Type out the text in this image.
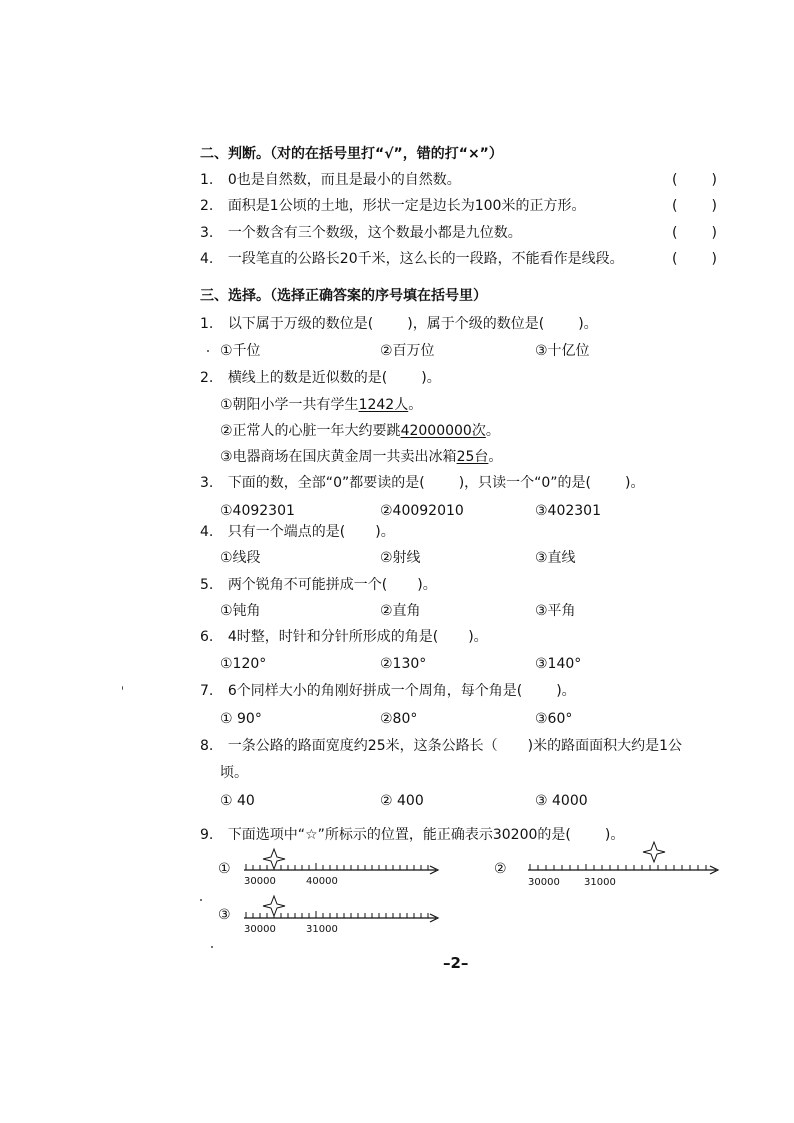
二、判断。（对的在括号里打“√”，错的打“×”）
1. 0也是自然数，而且是最小的自然数。	( )
2. 面积是1公顷的土地，形状一定是边长为100米的正方形。	( )
3. 一个数含有三个数级，这个数最小都是九位数。	( )
4. 一段笔直的公路长20千米，这么长的一段路，不能看作是线段。	( )
三、选择。（选择正确答案的序号填在括号里）
1. 以下属于万级的数位是( )，属于个级的数位是( )。
①千位	②百万位	③十亿位
2. 横线上的数是近似数的是( )。
①朝阳小学一共有学生1242人。
②正常人的心脏一年大约要跳42000000次。
③电器商场在国庆黄金周一共卖出冰箱25台。
3. 下面的数，全部“0”都要读的是( )，只读一个“0”的是( )。
①4092301	②40092010	③402301
4. 只有一个端点的是( )。
①线段	②射线	③直线
5. 两个锐角不可能拼成一个( )。
①钝角	②直角	③平角
6. 4时整，时针和分针所形成的角是( )。
①120°	②130°	③140°
7. 6个同样大小的角刚好拼成一个周角，每个角是( )。
① 90°	②80°	③60°
8. 一条公路的路面宽度约25米，这条公路长（ )米的路面面积大约是1公
顷。
① 40	② 400	③ 4000
9. 下面选项中“☆”所标示的位置，能正确表示30200的是( )。
①
30000	40000
②
30000 31000
③
30000	31000
–2–
